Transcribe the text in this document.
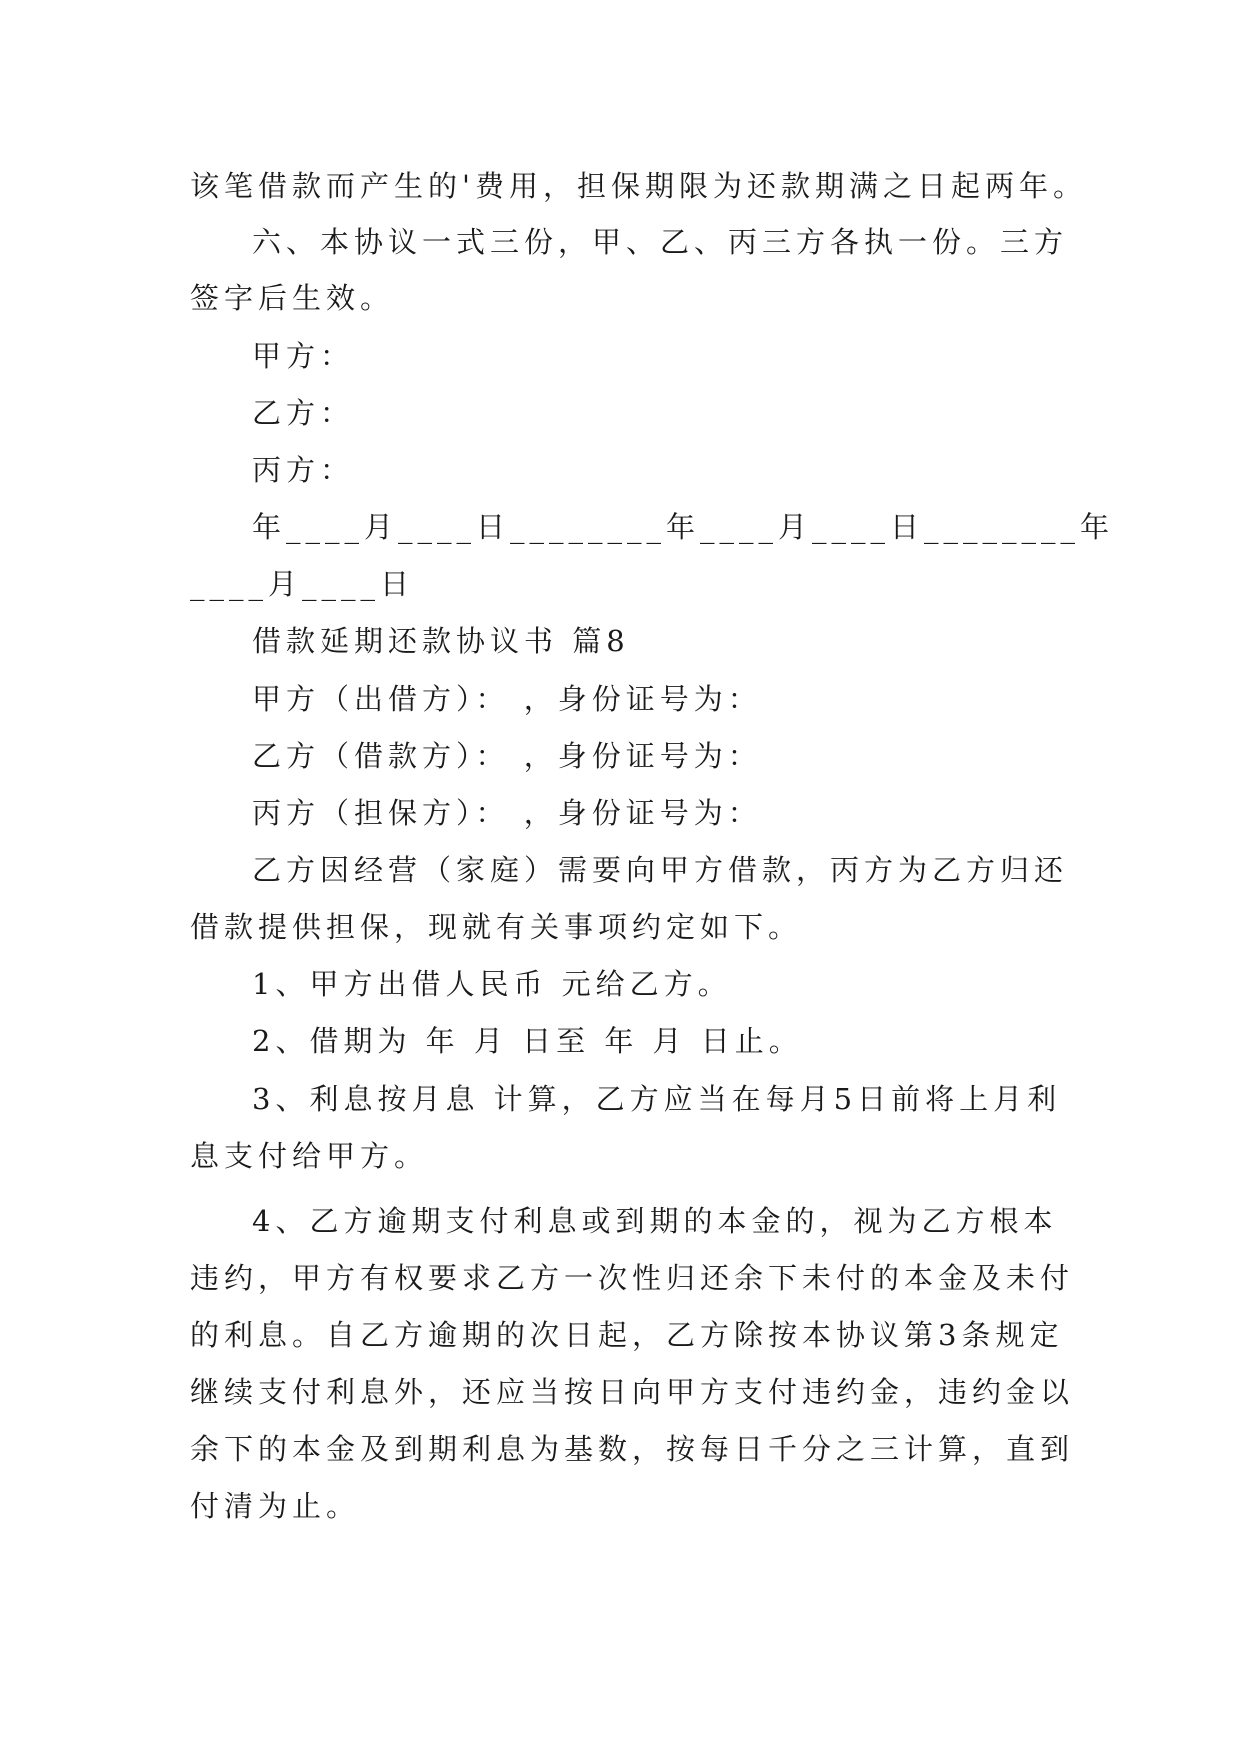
该笔借款而产生的'费用，担保期限为还款期满之日起两年。
六、本协议一式三份，甲、乙、丙三方各执一份。三方
签字后生效。
甲方：
乙方：
丙方：
年____月____日________年____月____日________年
____月____日
借款延期还款协议书 篇8
甲方（出借方）： ，身份证号为：
乙方（借款方）： ，身份证号为：
丙方（担保方）： ，身份证号为：
乙方因经营（家庭）需要向甲方借款，丙方为乙方归还
借款提供担保，现就有关事项约定如下。
1、甲方出借人民币 元给乙方。
2、借期为 年 月 日至 年 月 日止。
3、利息按月息 计算，乙方应当在每月5日前将上月利
息支付给甲方。
4、乙方逾期支付利息或到期的本金的，视为乙方根本
违约，甲方有权要求乙方一次性归还余下未付的本金及未付
的利息。自乙方逾期的次日起，乙方除按本协议第3条规定
继续支付利息外，还应当按日向甲方支付违约金，违约金以
余下的本金及到期利息为基数，按每日千分之三计算，直到
付清为止。
